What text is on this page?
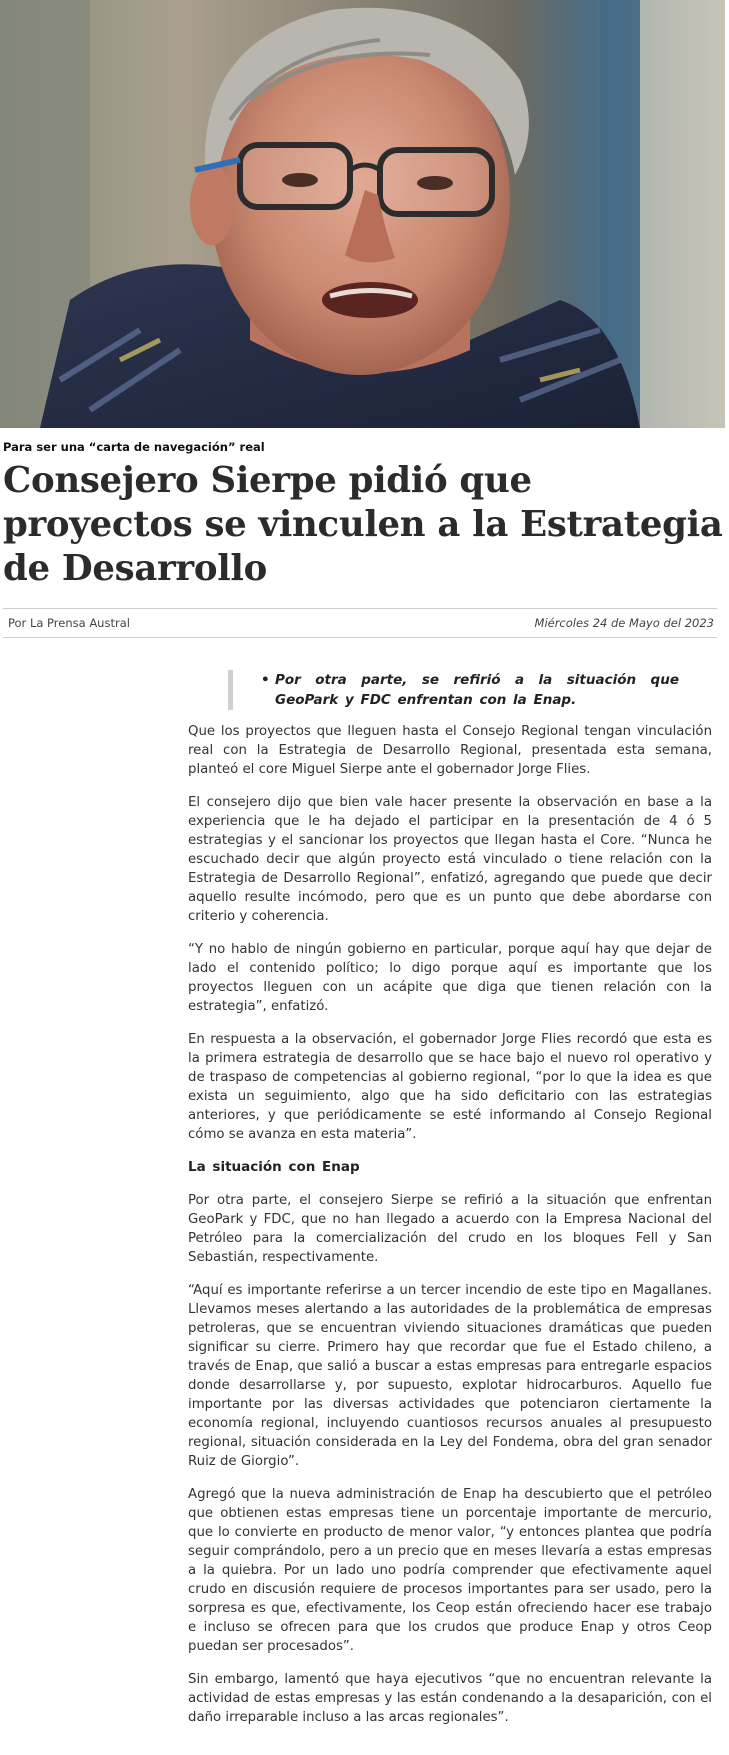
Para ser una “carta de navegación” real
Consejero Sierpe pidió que proyectos se vinculen a la Estrategia de Desarrollo
Por La Prensa Austral	Miércoles 24 de Mayo del 2023
• Por otra parte, se refirió a la situación que GeoPark y FDC enfrentan con la Enap.

Que los proyectos que lleguen hasta el Consejo Regional tengan vinculación real con la Estrategia de Desarrollo Regional, presentada esta semana, planteó el core Miguel Sierpe ante el gobernador Jorge Flies.

El consejero dijo que bien vale hacer presente la observación en base a la experiencia que le ha dejado el participar en la presentación de 4 ó 5 estrategias y el sancionar los proyectos que llegan hasta el Core. “Nunca he escuchado decir que algún proyecto está vinculado o tiene relación con la Estrategia de Desarrollo Regional”, enfatizó, agregando que puede que decir aquello resulte incómodo, pero que es un punto que debe abordarse con criterio y coherencia.

“Y no hablo de ningún gobierno en particular, porque aquí hay que dejar de lado el contenido político; lo digo porque aquí es importante que los proyectos lleguen con un acápite que diga que tienen relación con la estrategia”, enfatizó.

En respuesta a la observación, el gobernador Jorge Flies recordó que esta es la primera estrategia de desarrollo que se hace bajo el nuevo rol operativo y de traspaso de competencias al gobierno regional, “por lo que la idea es que exista un seguimiento, algo que ha sido deficitario con las estrategias anteriores, y que periódicamente se esté informando al Consejo Regional cómo se avanza en esta materia”.

La situación con Enap

Por otra parte, el consejero Sierpe se refirió a la situación que enfrentan GeoPark y FDC, que no han llegado a acuerdo con la Empresa Nacional del Petróleo para la comercialización del crudo en los bloques Fell y San Sebastián, respectivamente.

“Aquí es importante referirse a un tercer incendio de este tipo en Magallanes. Llevamos meses alertando a las autoridades de la problemática de empresas petroleras, que se encuentran viviendo situaciones dramáticas que pueden significar su cierre. Primero hay que recordar que fue el Estado chileno, a través de Enap, que salió a buscar a estas empresas para entregarle espacios donde desarrollarse y, por supuesto, explotar hidrocarburos. Aquello fue importante por las diversas actividades que potenciaron ciertamente la economía regional, incluyendo cuantiosos recursos anuales al presupuesto regional, situación considerada en la Ley del Fondema, obra del gran senador Ruiz de Giorgio”.

Agregó que la nueva administración de Enap ha descubierto que el petróleo que obtienen estas empresas tiene un porcentaje importante de mercurio, que lo convierte en producto de menor valor, “y entonces plantea que podría seguir comprándolo, pero a un precio que en meses llevaría a estas empresas a la quiebra. Por un lado uno podría comprender que efectivamente aquel crudo en discusión requiere de procesos importantes para ser usado, pero la sorpresa es que, efectivamente, los Ceop están ofreciendo hacer ese trabajo e incluso se ofrecen para que los crudos que produce Enap y otros Ceop puedan ser procesados”.

Sin embargo, lamentó que haya ejecutivos “que no encuentran relevante la actividad de estas empresas y las están condenando a la desaparición, con el daño irreparable incluso a las arcas regionales”.
